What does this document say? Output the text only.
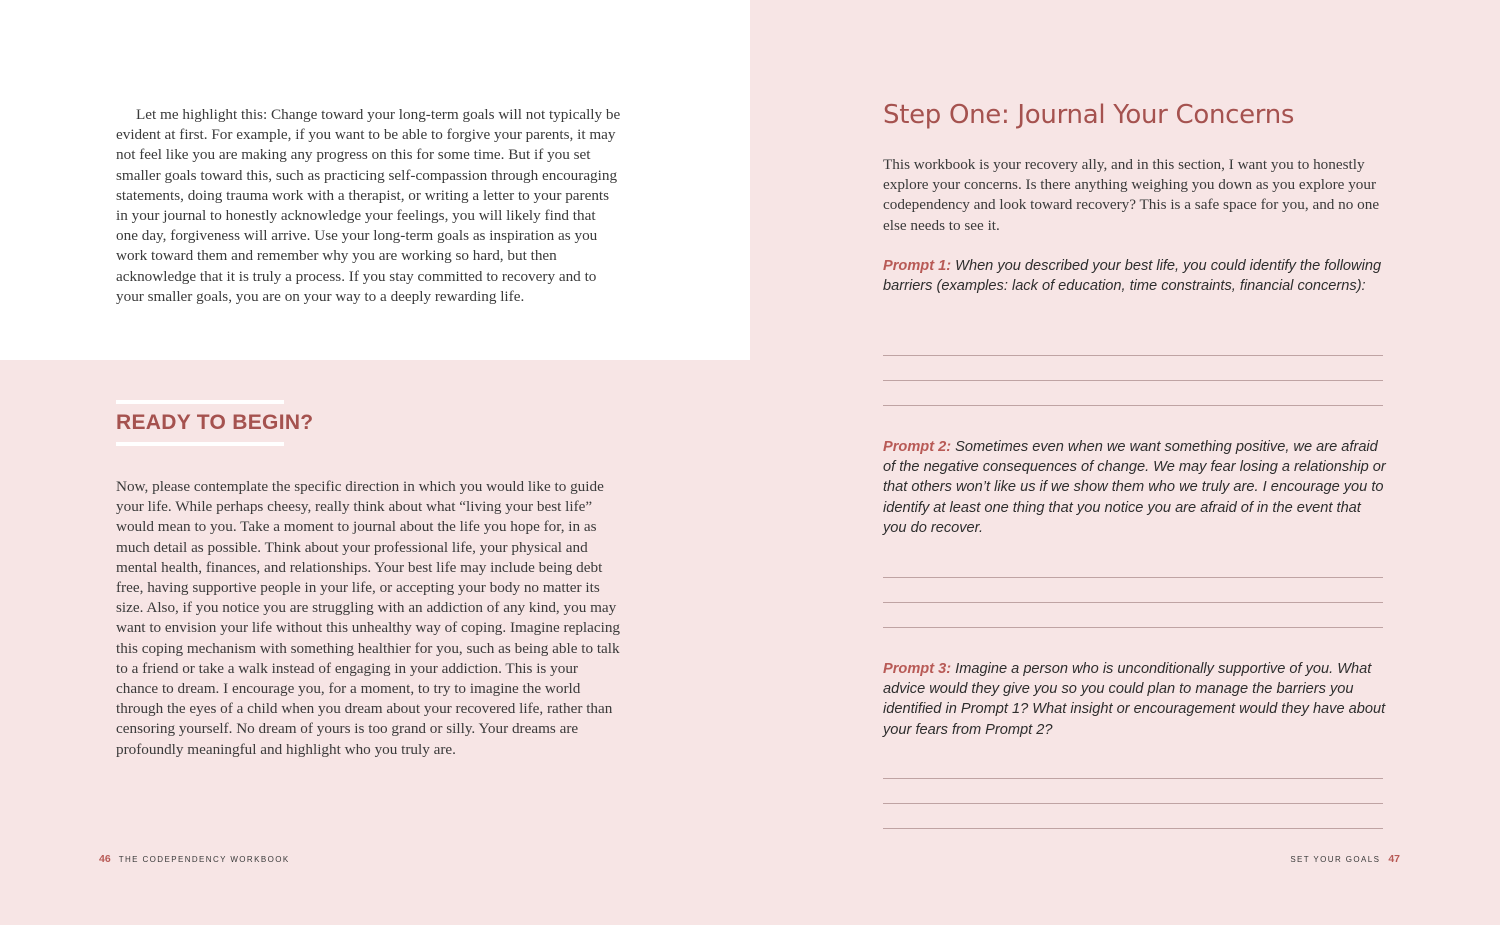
Let me highlight this: Change toward your long-term goals will not typically be evident at first. For example, if you want to be able to forgive your parents, it may not feel like you are making any progress on this for some time. But if you set smaller goals toward this, such as practicing self-compassion through encouraging statements, doing trauma work with a therapist, or writing a letter to your parents in your journal to honestly acknowledge your feelings, you will likely find that one day, forgiveness will arrive. Use your long-term goals as inspiration as you work toward them and remember why you are working so hard, but then acknowledge that it is truly a process. If you stay committed to recovery and to your smaller goals, you are on your way to a deeply rewarding life.

READY TO BEGIN?

Now, please contemplate the specific direction in which you would like to guide your life. While perhaps cheesy, really think about what “living your best life” would mean to you. Take a moment to journal about the life you hope for, in as much detail as possible. Think about your professional life, your physical and mental health, finances, and relationships. Your best life may include being debt free, having supportive people in your life, or accepting your body no matter its size. Also, if you notice you are struggling with an addiction of any kind, you may want to envision your life without this unhealthy way of coping. Imagine replacing this coping mechanism with something healthier for you, such as being able to talk to a friend or take a walk instead of engaging in your addiction. This is your chance to dream. I encourage you, for a moment, to try to imagine the world through the eyes of a child when you dream about your recovered life, rather than censoring yourself. No dream of yours is too grand or silly. Your dreams are profoundly meaningful and highlight who you truly are.

46 THE CODEPENDENCY WORKBOOK
Step One: Journal Your Concerns

This workbook is your recovery ally, and in this section, I want you to honestly explore your concerns. Is there anything weighing you down as you explore your codependency and look toward recovery? This is a safe space for you, and no one else needs to see it.

Prompt 1: When you described your best life, you could identify the following barriers (examples: lack of education, time constraints, financial concerns):

Prompt 2: Sometimes even when we want something positive, we are afraid of the negative consequences of change. We may fear losing a relationship or that others won’t like us if we show them who we truly are. I encourage you to identify at least one thing that you notice you are afraid of in the event that you do recover.

Prompt 3: Imagine a person who is unconditionally supportive of you. What advice would they give you so you could plan to manage the barriers you identified in Prompt 1? What insight or encouragement would they have about your fears from Prompt 2?

SET YOUR GOALS 47
